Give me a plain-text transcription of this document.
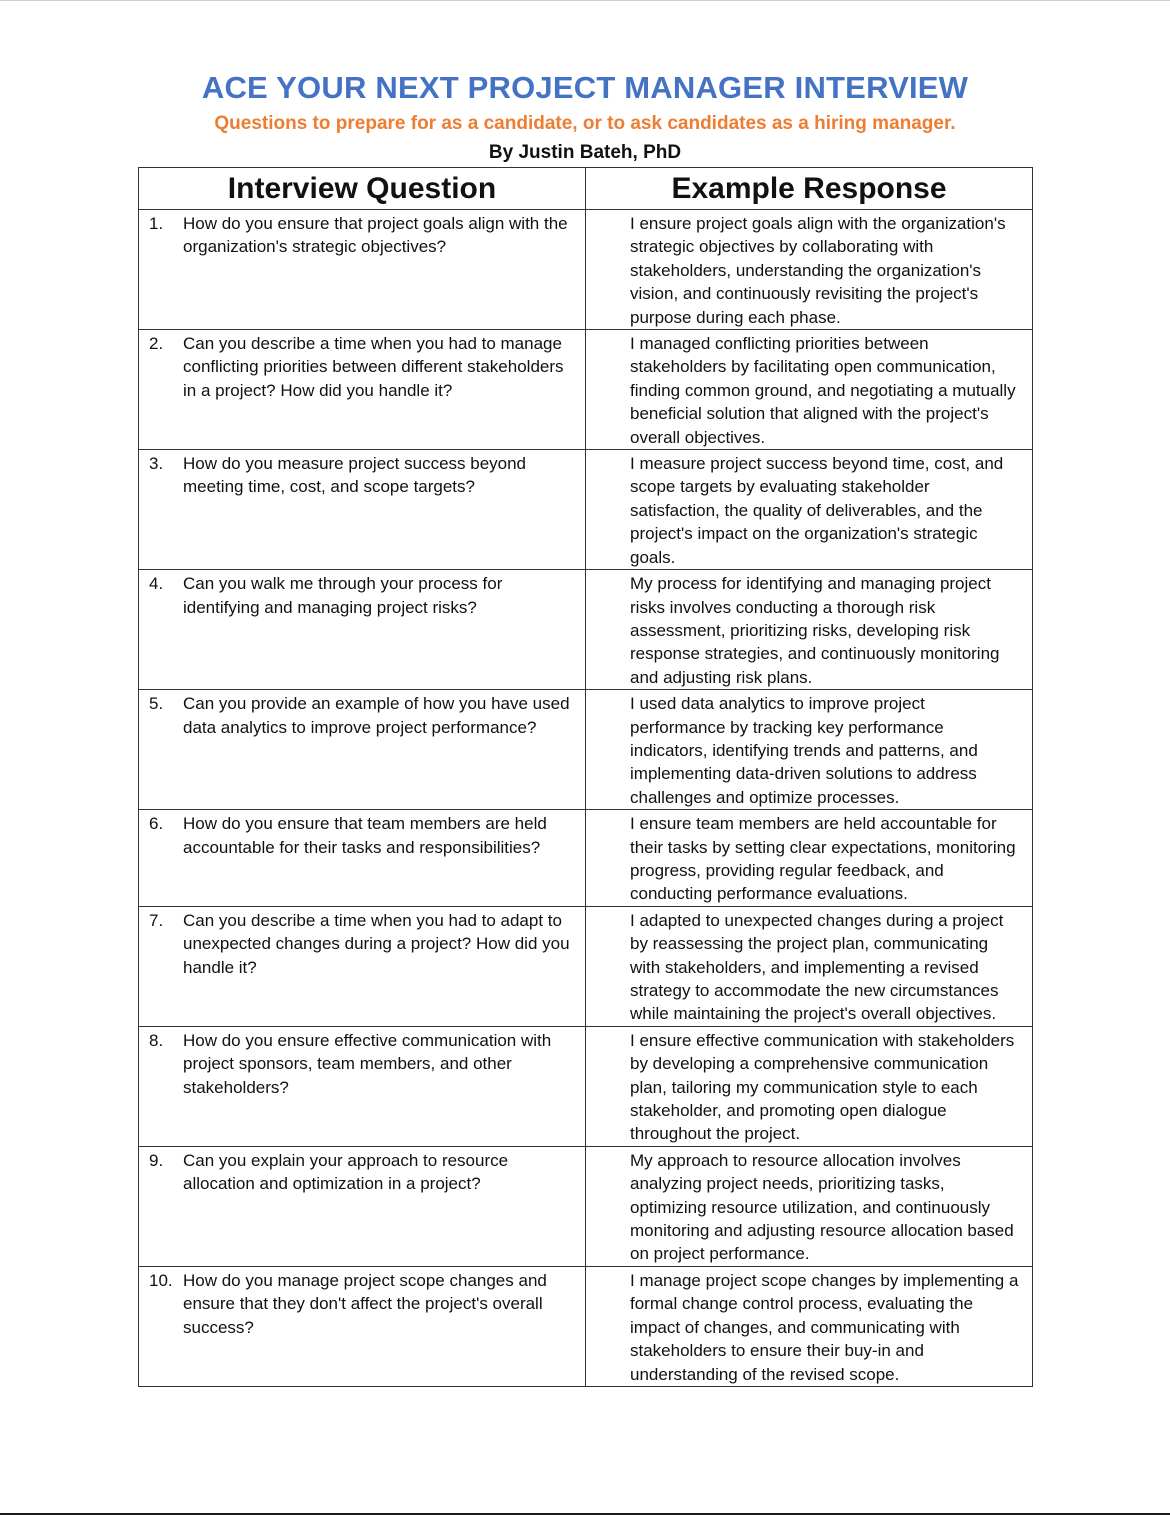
ACE YOUR NEXT PROJECT MANAGER INTERVIEW
Questions to prepare for as a candidate, or to ask candidates as a hiring manager.
By Justin Bateh, PhD
Interview Question	Example Response

1. How do you ensure that project goals align with the organization's strategic objectives?	I ensure project goals align with the organization's strategic objectives by collaborating with stakeholders, understanding the organization's vision, and continuously revisiting the project's purpose during each phase.

2. Can you describe a time when you had to manage conflicting priorities between different stakeholders in a project? How did you handle it?	I managed conflicting priorities between stakeholders by facilitating open communication, finding common ground, and negotiating a mutually beneficial solution that aligned with the project's overall objectives.

3. How do you measure project success beyond meeting time, cost, and scope targets?	I measure project success beyond time, cost, and scope targets by evaluating stakeholder satisfaction, the quality of deliverables, and the project's impact on the organization's strategic goals.

4. Can you walk me through your process for identifying and managing project risks?	My process for identifying and managing project risks involves conducting a thorough risk assessment, prioritizing risks, developing risk response strategies, and continuously monitoring and adjusting risk plans.

5. Can you provide an example of how you have used data analytics to improve project performance?	I used data analytics to improve project performance by tracking key performance indicators, identifying trends and patterns, and implementing data-driven solutions to address challenges and optimize processes.

6. How do you ensure that team members are held accountable for their tasks and responsibilities?	I ensure team members are held accountable for their tasks by setting clear expectations, monitoring progress, providing regular feedback, and conducting performance evaluations.

7. Can you describe a time when you had to adapt to unexpected changes during a project? How did you handle it?	I adapted to unexpected changes during a project by reassessing the project plan, communicating with stakeholders, and implementing a revised strategy to accommodate the new circumstances while maintaining the project's overall objectives.

8. How do you ensure effective communication with project sponsors, team members, and other stakeholders?	I ensure effective communication with stakeholders by developing a comprehensive communication plan, tailoring my communication style to each stakeholder, and promoting open dialogue throughout the project.

9. Can you explain your approach to resource allocation and optimization in a project?	My approach to resource allocation involves analyzing project needs, prioritizing tasks, optimizing resource utilization, and continuously monitoring and adjusting resource allocation based on project performance.

10. How do you manage project scope changes and ensure that they don't affect the project's overall success?	I manage project scope changes by implementing a formal change control process, evaluating the impact of changes, and communicating with stakeholders to ensure their buy-in and understanding of the revised scope.
